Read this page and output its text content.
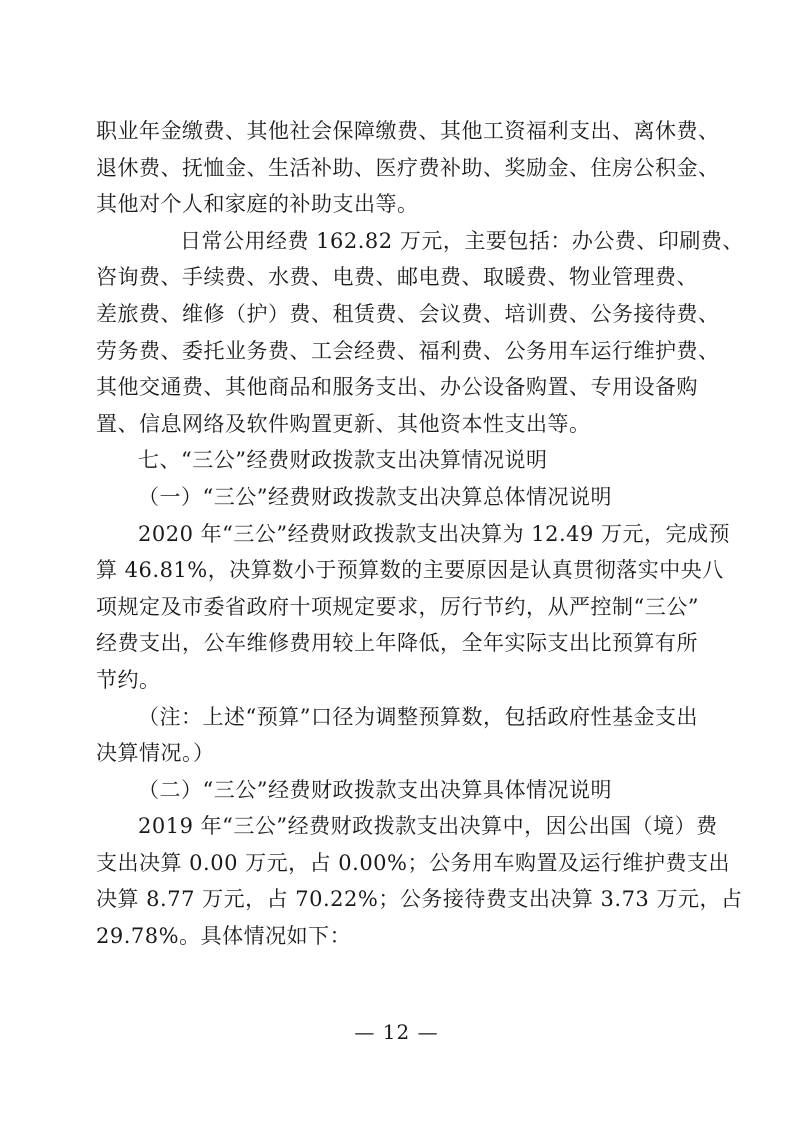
职业年金缴费、其他社会保障缴费、其他工资福利支出、离休费、
退休费、抚恤金、生活补助、医疗费补助、奖励金、住房公积金、
其他对个人和家庭的补助支出等。
日常公用经费 162.82 万元，主要包括：办公费、印刷费、
咨询费、手续费、水费、电费、邮电费、取暖费、物业管理费、
差旅费、维修（护）费、租赁费、会议费、培训费、公务接待费、
劳务费、委托业务费、工会经费、福利费、公务用车运行维护费、
其他交通费、其他商品和服务支出、办公设备购置、专用设备购
置、信息网络及软件购置更新、其他资本性支出等。
七、“三公”经费财政拨款支出决算情况说明
（一）“三公”经费财政拨款支出决算总体情况说明
2020 年“三公”经费财政拨款支出决算为 12.49 万元，完成预
算 46.81%，决算数小于预算数的主要原因是认真贯彻落实中央八
项规定及市委省政府十项规定要求，厉行节约，从严控制“三公”
经费支出，公车维修费用较上年降低，全年实际支出比预算有所
节约。
（注：上述“预算”口径为调整预算数，包括政府性基金支出
决算情况。）
（二）“三公”经费财政拨款支出决算具体情况说明
2019 年“三公”经费财政拨款支出决算中，因公出国（境）费
支出决算 0.00 万元，占 0.00%；公务用车购置及运行维护费支出
决算 8.77 万元，占 70.22%；公务接待费支出决算 3.73 万元，占
29.78%。具体情况如下：
— 12 —
